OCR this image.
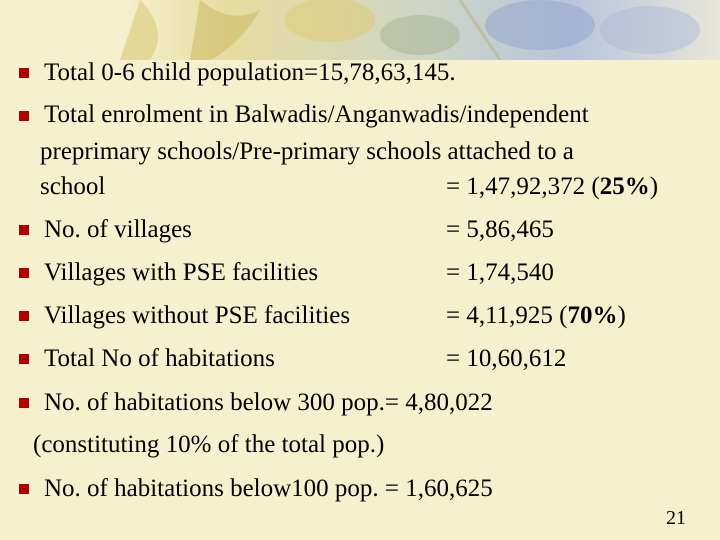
Total 0-6 child population=15,78,63,145.
Total enrolment in Balwadis/Anganwadis/independent
preprimary schools/Pre-primary schools attached to a
school	= 1,47,92,372 (25%)
No. of villages	= 5,86,465
Villages with PSE facilities	= 1,74,540
Villages without PSE facilities	= 4,11,925 (70%)
Total No of habitations	= 10,60,612
No. of habitations below 300 pop.= 4,80,022
(constituting 10% of the total pop.)
No. of habitations below100 pop. = 1,60,625
21
